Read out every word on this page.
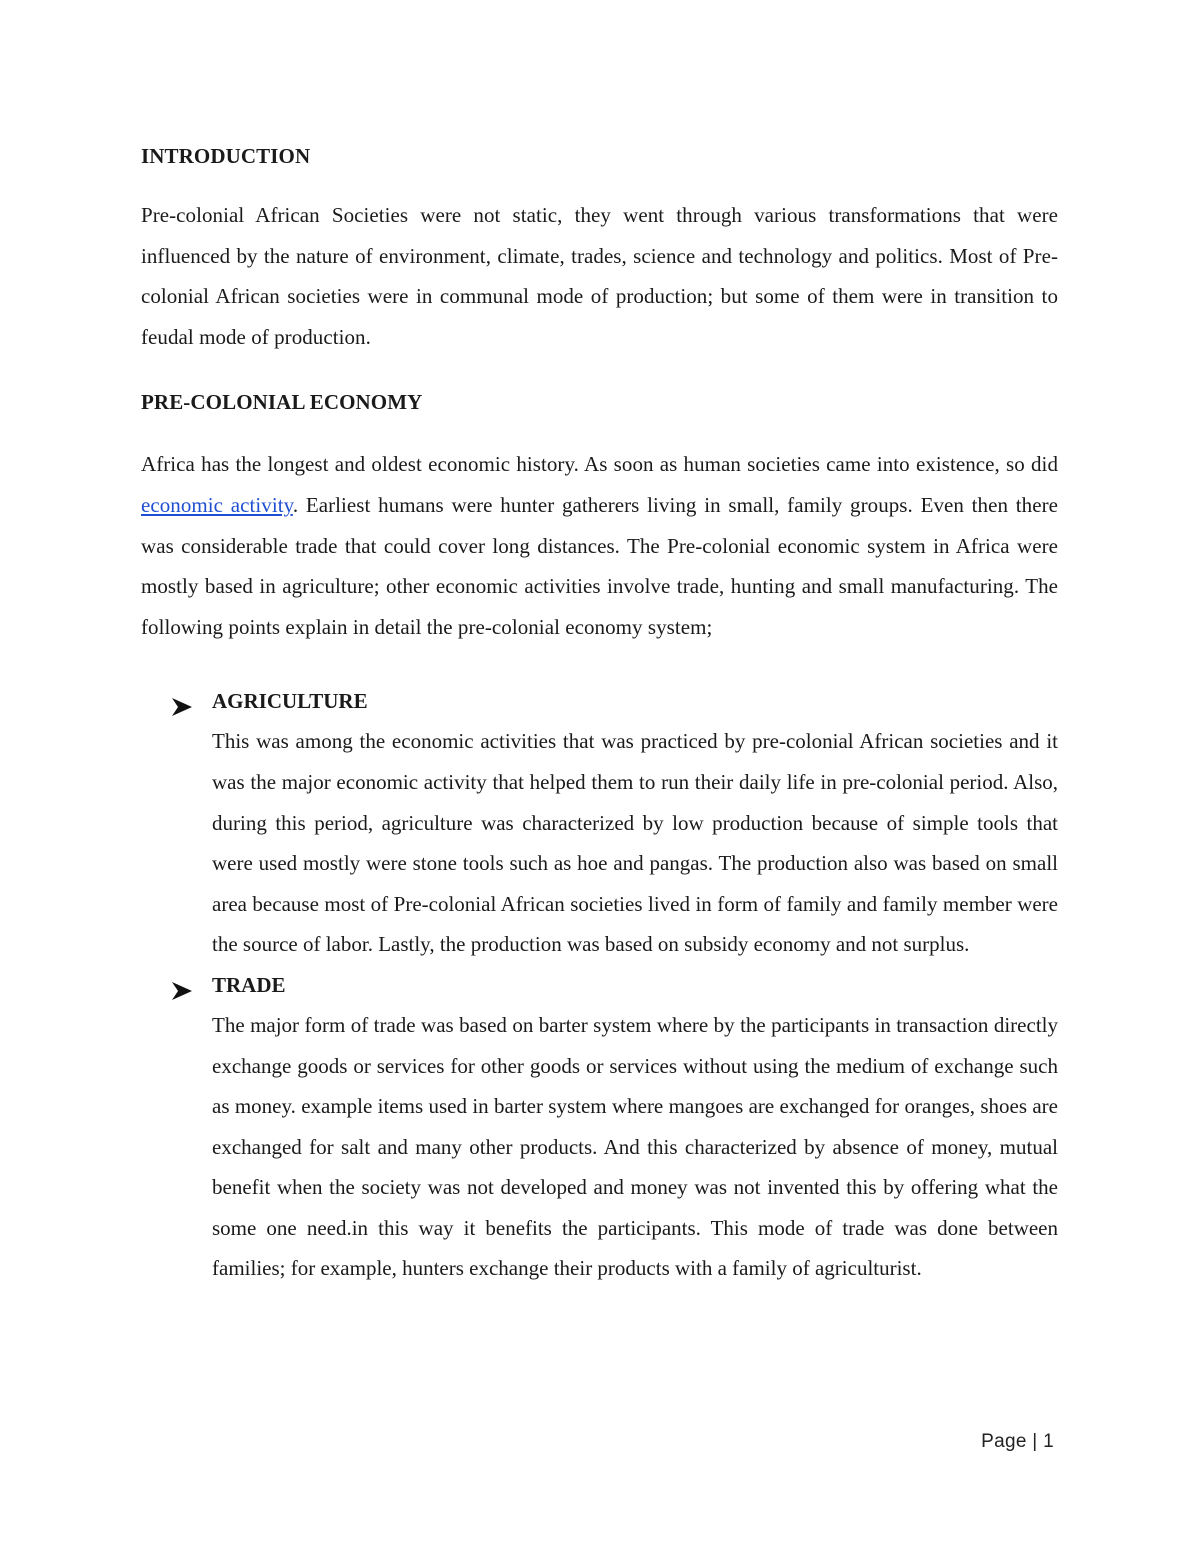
INTRODUCTION

Pre-colonial African Societies were not static, they went through various transformations that were influenced by the nature of environment, climate, trades, science and technology and politics. Most of Pre-colonial African societies were in communal mode of production; but some of them were in transition to feudal mode of production.

PRE-COLONIAL ECONOMY

Africa has the longest and oldest economic history. As soon as human societies came into existence, so did economic activity. Earliest humans were hunter gatherers living in small, family groups. Even then there was considerable trade that could cover long distances. The Pre-colonial economic system in Africa were mostly based in agriculture; other economic activities involve trade, hunting and small manufacturing. The following points explain in detail the pre-colonial economy system;

AGRICULTURE

This was among the economic activities that was practiced by pre-colonial African societies and it was the major economic activity that helped them to run their daily life in pre-colonial period. Also, during this period, agriculture was characterized by low production because of simple tools that were used mostly were stone tools such as hoe and pangas. The production also was based on small area because most of Pre-colonial African societies lived in form of family and family member were the source of labor. Lastly, the production was based on subsidy economy and not surplus.

TRADE

The major form of trade was based on barter system where by the participants in transaction directly exchange goods or services for other goods or services without using the medium of exchange such as money. example items used in barter system where mangoes are exchanged for oranges, shoes are exchanged for salt and many other products. And this characterized by absence of money, mutual benefit when the society was not developed and money was not invented this by offering what the some one need.in this way it benefits the participants. This mode of trade was done between families; for example, hunters exchange their products with a family of agriculturist.

Page | 1
